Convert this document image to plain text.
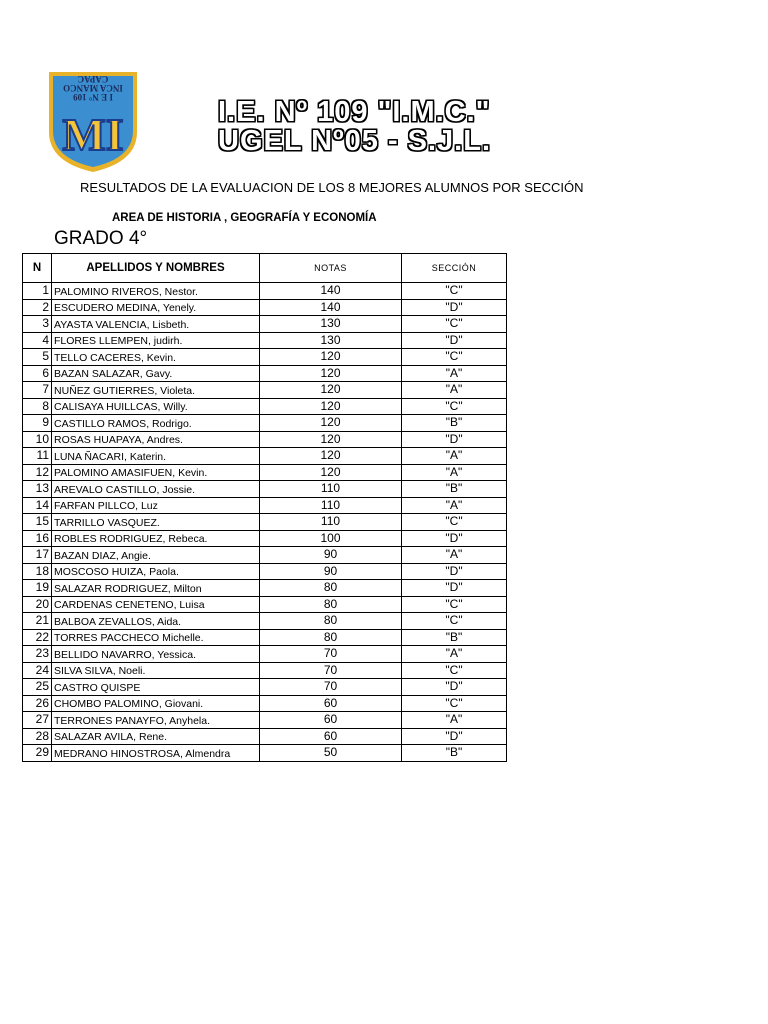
I E N° 109
INCA MANCO
CAPAC
MI	I.E. Nº 109 "I.M.C."
UGEL Nº05 - S.J.L.
RESULTADOS DE LA EVALUACION DE LOS 8 MEJORES ALUMNOS POR SECCIÓN
AREA DE HISTORIA , GEOGRAFÍA Y ECONOMÍA
GRADO 4°
N	APELLIDOS Y NOMBRES	NOTAS	SECCIÓN
1	PALOMINO RIVEROS, Nestor.	140	"C"
2	ESCUDERO MEDINA, Yenely.	140	"D"
3	AYASTA VALENCIA, Lisbeth.	130	"C"
4	FLORES LLEMPEN, judirh.	130	"D"
5	TELLO CACERES, Kevin.	120	"C"
6	BAZAN SALAZAR, Gavy.	120	"A"
7	NUÑEZ GUTIERRES, Violeta.	120	"A"
8	CALISAYA HUILLCAS, Willy.	120	"C"
9	CASTILLO RAMOS, Rodrigo.	120	"B"
10	ROSAS HUAPAYA, Andres.	120	"D"
11	LUNA ÑACARI, Katerin.	120	"A"
12	PALOMINO AMASIFUEN, Kevin.	120	"A"
13	AREVALO CASTILLO, Jossie.	110	"B"
14	FARFAN PILLCO, Luz	110	"A"
15	TARRILLO VASQUEZ.	110	"C"
16	ROBLES RODRIGUEZ, Rebeca.	100	"D"
17	BAZAN DIAZ, Angie.	90	"A"
18	MOSCOSO HUIZA, Paola.	90	"D"
19	SALAZAR RODRIGUEZ, Milton	80	"D"
20	CARDENAS CENETENO, Luisa	80	"C"
21	BALBOA ZEVALLOS, Aida.	80	"C"
22	TORRES PACCHECO Michelle.	80	"B"
23	BELLIDO NAVARRO, Yessica.	70	"A"
24	SILVA SILVA, Noeli.	70	"C"
25	CASTRO QUISPE	70	"D"
26	CHOMBO PALOMINO, Giovani.	60	"C"
27	TERRONES PANAYFO, Anyhela.	60	"A"
28	SALAZAR AVILA, Rene.	60	"D"
29	MEDRANO HINOSTROSA, Almendra	50	"B"
